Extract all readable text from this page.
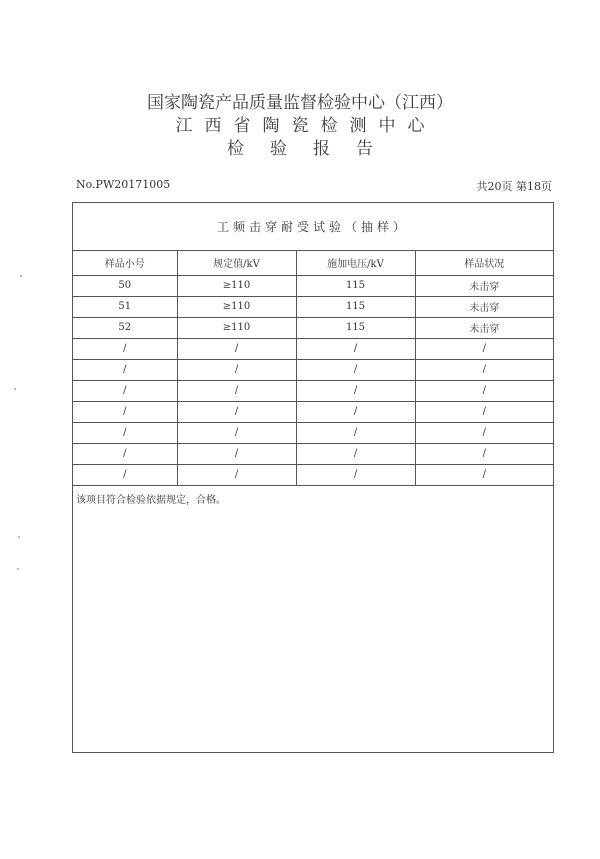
国家陶瓷产品质量监督检验中心（江西）
江西省陶瓷检测中心
检验报告
No.PW20171005	共20页 第18页
工频击穿耐受试验（抽样）
样品小号	规定值/kV	施加电压/kV	样品状况
50	≥110	115	未击穿
51	≥110	115	未击穿
52	≥110	115	未击穿
/	/	/	/
/	/	/	/
/	/	/	/
/	/	/	/
/	/	/	/
/	/	/	/
/	/	/	/
该项目符合检验依据规定，合格。
